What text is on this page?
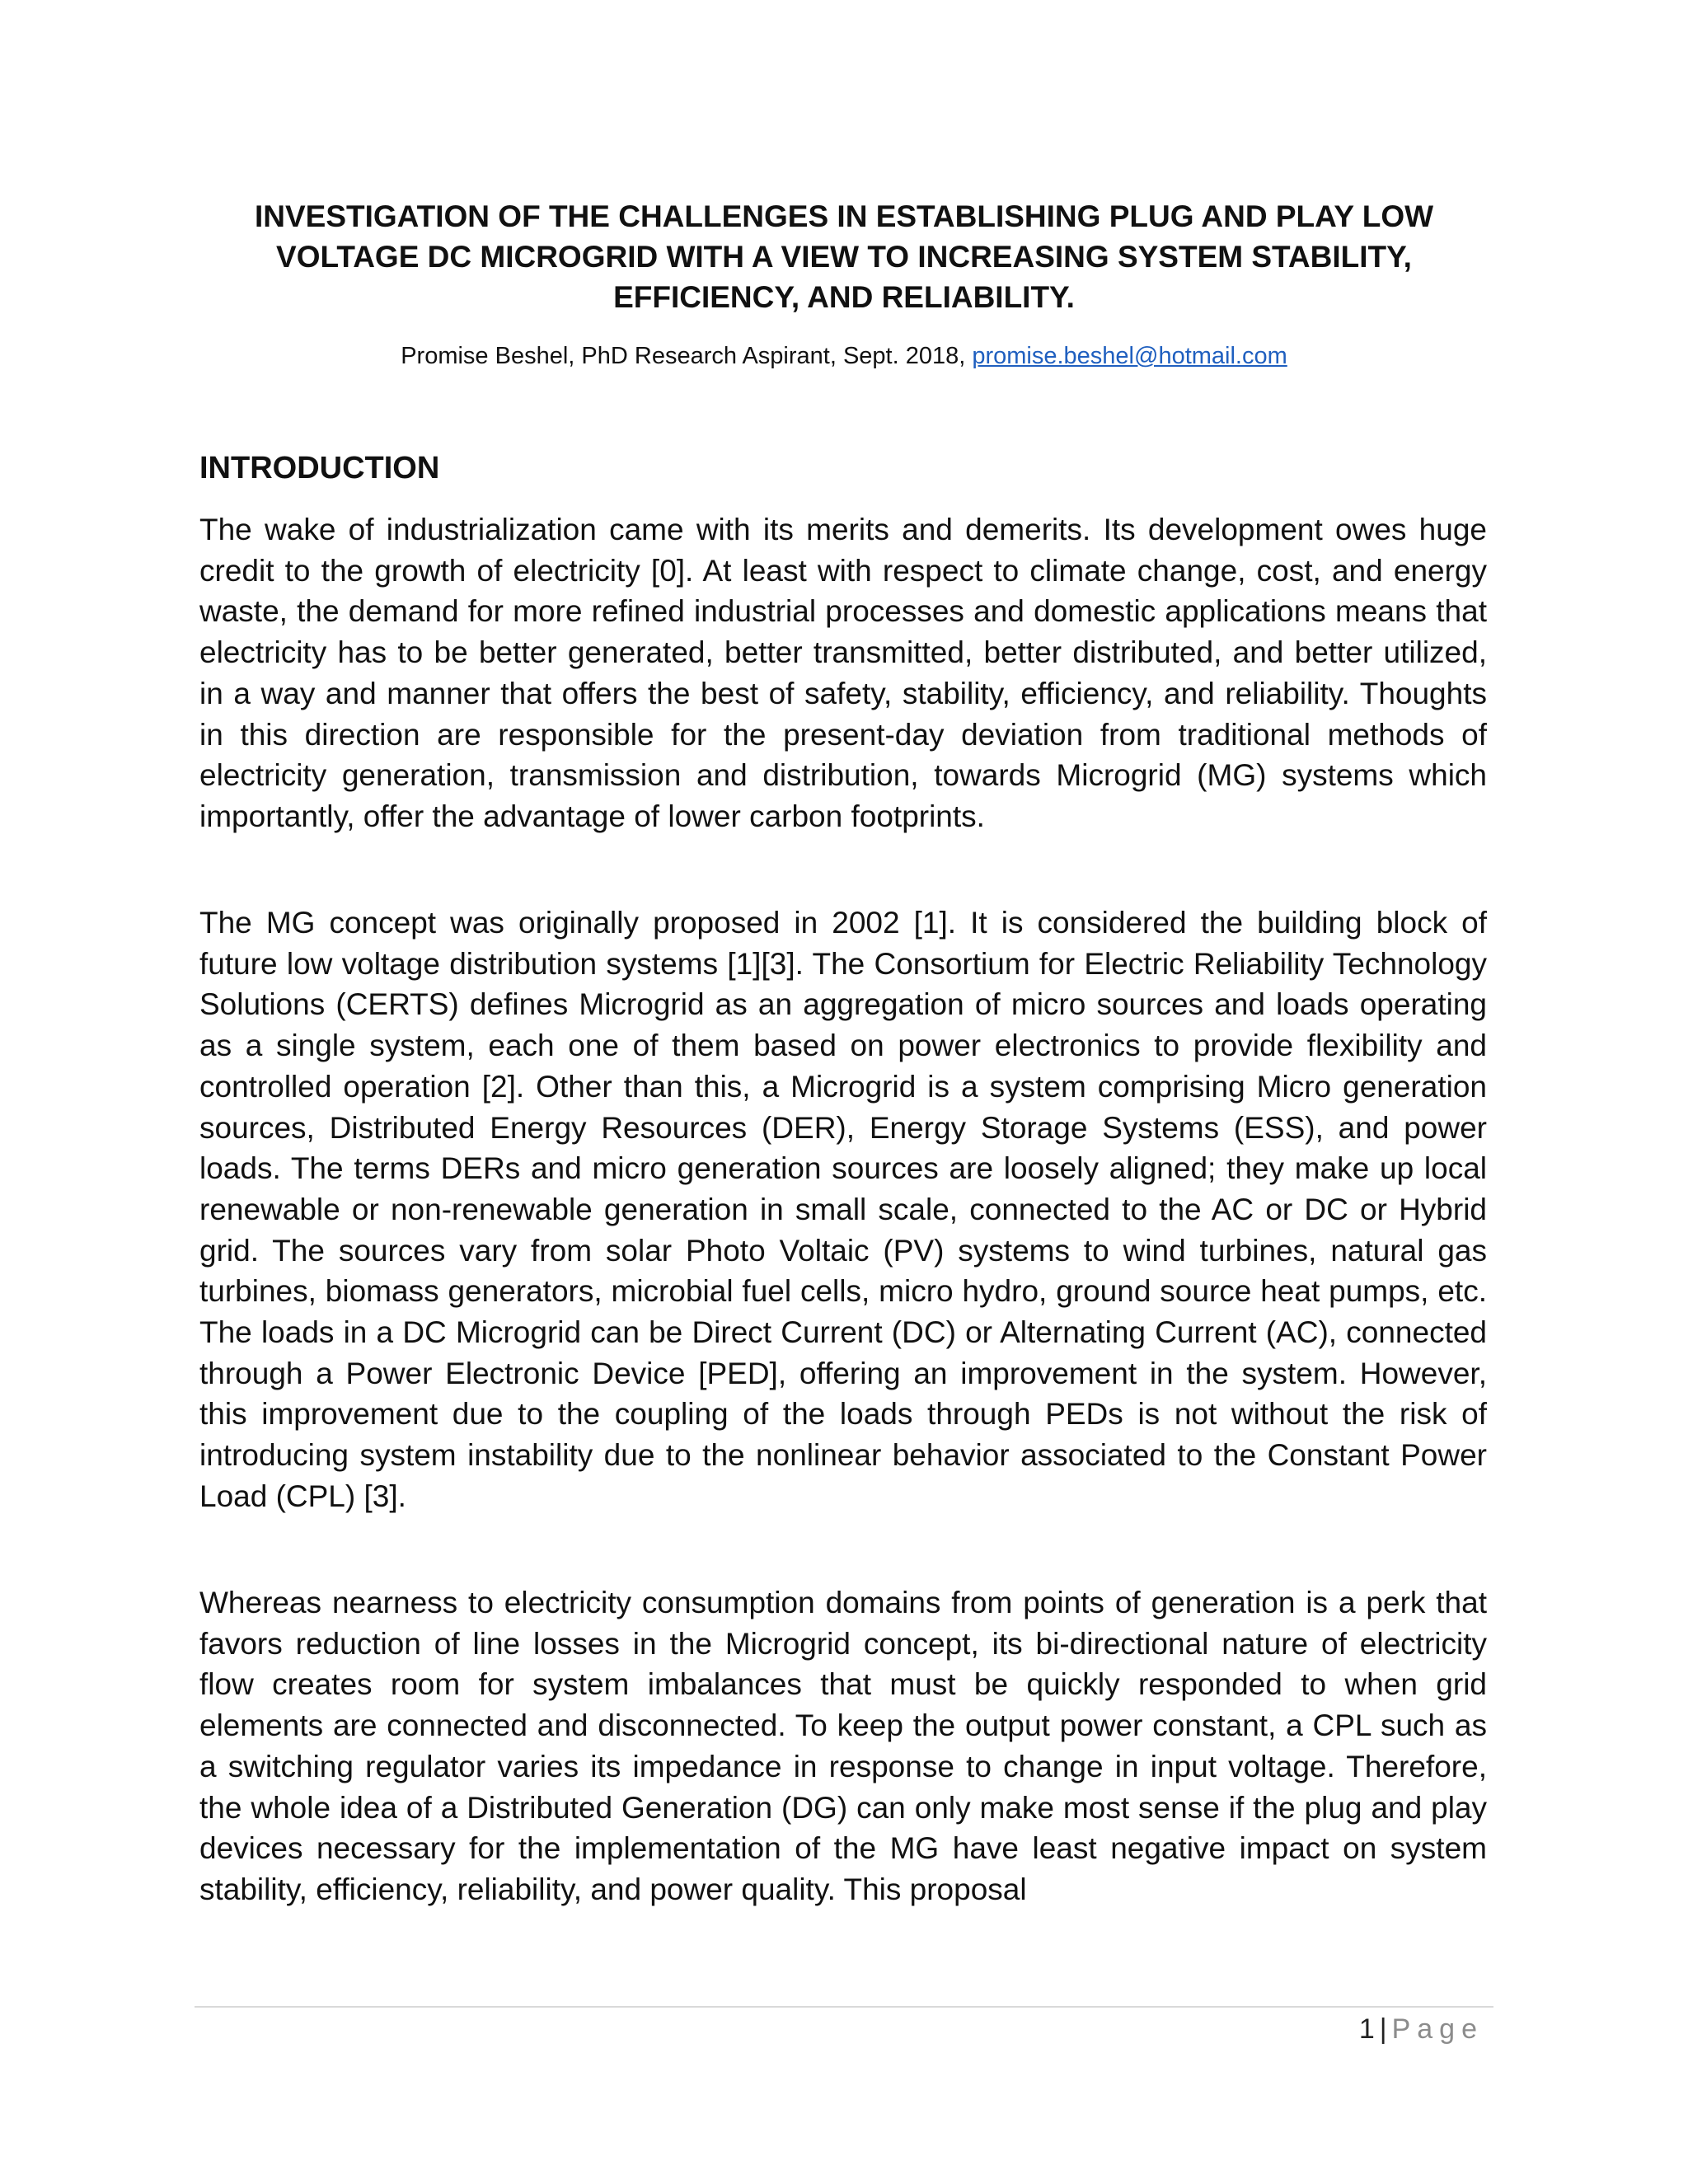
INVESTIGATION OF THE CHALLENGES IN ESTABLISHING PLUG AND PLAY LOW
VOLTAGE DC MICROGRID WITH A VIEW TO INCREASING SYSTEM STABILITY,
EFFICIENCY, AND RELIABILITY.

Promise Beshel, PhD Research Aspirant, Sept. 2018, promise.beshel@hotmail.com

INTRODUCTION

The wake of industrialization came with its merits and demerits. Its development owes huge credit to the growth of electricity [0]. At least with respect to climate change, cost, and energy waste, the demand for more refined industrial processes and domestic applications means that electricity has to be better generated, better transmitted, better distributed, and better utilized, in a way and manner that offers the best of safety, stability, efficiency, and reliability. Thoughts in this direction are responsible for the present-day deviation from traditional methods of electricity generation, transmission and distribution, towards Microgrid (MG) systems which importantly, offer the advantage of lower carbon footprints.

The MG concept was originally proposed in 2002 [1]. It is considered the building block of future low voltage distribution systems [1][3]. The Consortium for Electric Reliability Technology Solutions (CERTS) defines Microgrid as an aggregation of micro sources and loads operating as a single system, each one of them based on power electronics to provide flexibility and controlled operation [2]. Other than this, a Microgrid is a system comprising Micro generation sources, Distributed Energy Resources (DER), Energy Storage Systems (ESS), and power loads. The terms DERs and micro generation sources are loosely aligned; they make up local renewable or non-renewable generation in small scale, connected to the AC or DC or Hybrid grid. The sources vary from solar Photo Voltaic (PV) systems to wind turbines, natural gas turbines, biomass generators, microbial fuel cells, micro hydro, ground source heat pumps, etc. The loads in a DC Microgrid can be Direct Current (DC) or Alternating Current (AC), connected through a Power Electronic Device [PED], offering an improvement in the system. However, this improvement due to the coupling of the loads through PEDs is not without the risk of introducing system instability due to the nonlinear behavior associated to the Constant Power Load (CPL) [3].

Whereas nearness to electricity consumption domains from points of generation is a perk that favors reduction of line losses in the Microgrid concept, its bi-directional nature of electricity flow creates room for system imbalances that must be quickly responded to when grid elements are connected and disconnected. To keep the output power constant, a CPL such as a switching regulator varies its impedance in response to change in input voltage. Therefore, the whole idea of a Distributed Generation (DG) can only make most sense if the plug and play devices necessary for the implementation of the MG have least negative impact on system stability, efficiency, reliability, and power quality. This proposal

1 | Page
